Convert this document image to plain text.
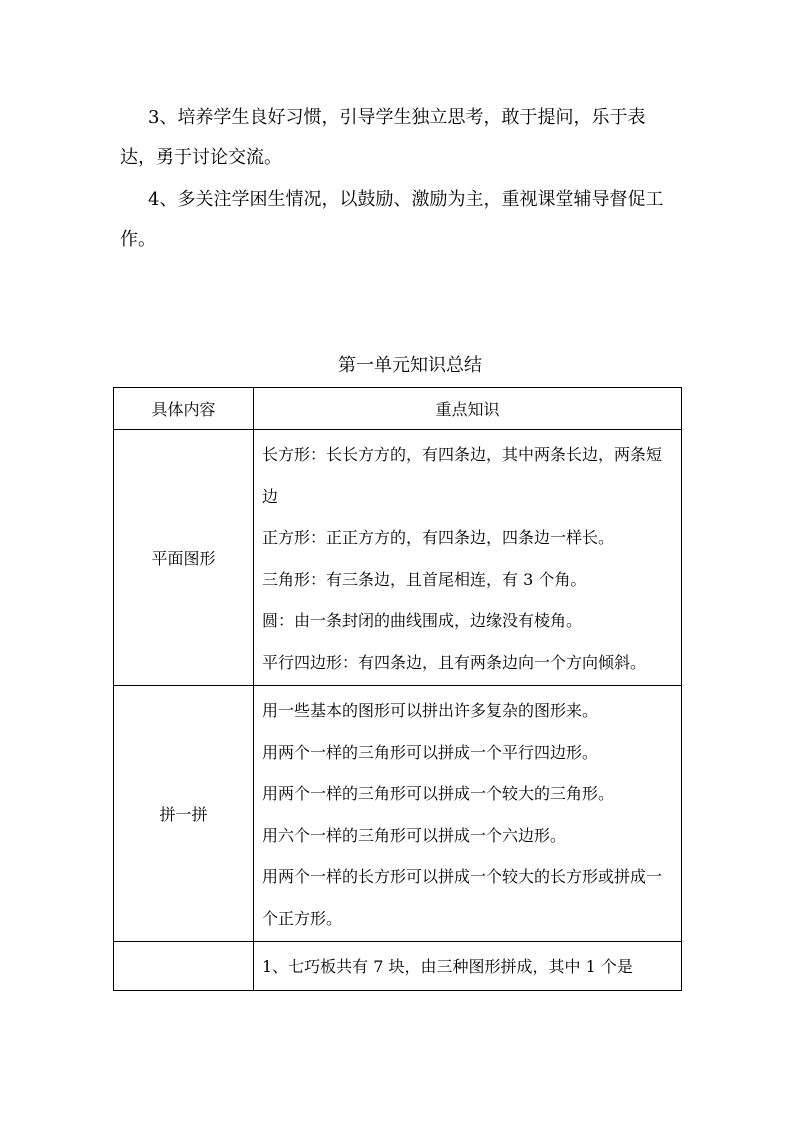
3、培养学生良好习惯，引导学生独立思考，敢于提问，乐于表达，勇于讨论交流。

4、多关注学困生情况，以鼓励、激励为主，重视课堂辅导督促工作。

第一单元知识总结
具体内容	重点知识
平面图形	长方形：长长方方的，有四条边，其中两条长边，两条短边
正方形：正正方方的，有四条边，四条边一样长。
三角形：有三条边，且首尾相连，有 3 个角。
圆：由一条封闭的曲线围成，边缘没有棱角。
平行四边形：有四条边，且有两条边向一个方向倾斜。

拼一拼	用一些基本的图形可以拼出许多复杂的图形来。
用两个一样的三角形可以拼成一个平行四边形。
用两个一样的三角形可以拼成一个较大的三角形。
用六个一样的三角形可以拼成一个六边形。
用两个一样的长方形可以拼成一个较大的长方形或拼成一个正方形。

	1、七巧板共有 7 块，由三种图形拼成，其中 1 个是
